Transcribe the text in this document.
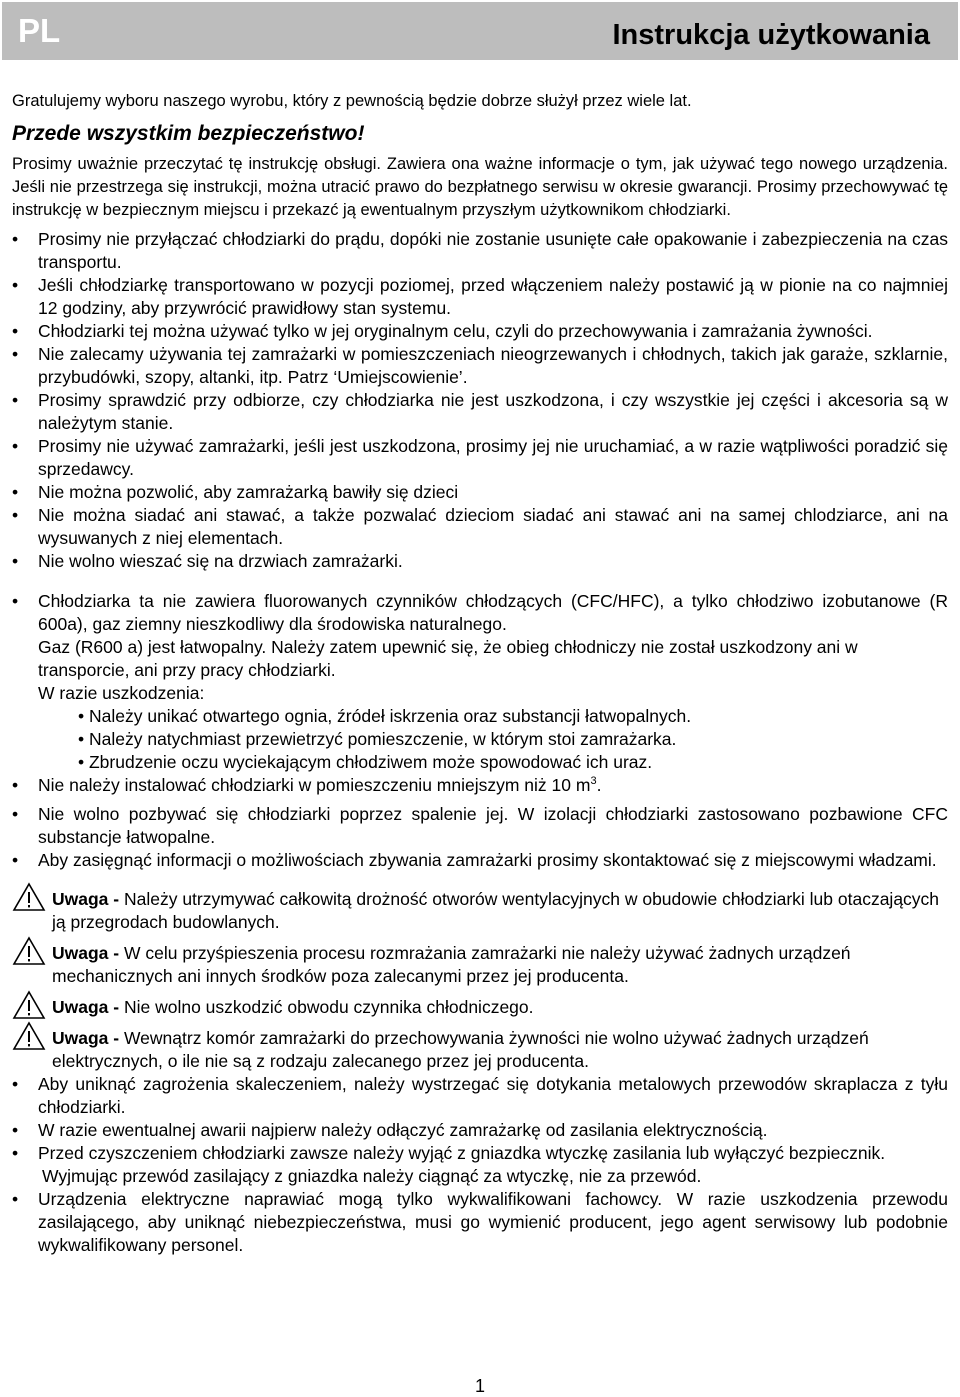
PL	Instrukcja użytkowania

Gratulujemy wyboru naszego wyrobu, który z pewnością będzie dobrze służył przez wiele lat.

Przede wszystkim bezpieczeństwo!

Prosimy uważnie przeczytać tę instrukcję obsługi. Zawiera ona ważne informacje o tym, jak używać tego nowego urządzenia. Jeśli nie przestrzega się instrukcji, można utracić prawo do bezpłatnego serwisu w okresie gwarancji. Prosimy przechowywać tę instrukcję w bezpiecznym miejscu i przekazć ją ewentualnym przyszłym użytkownikom chłodziarki.

• Prosimy nie przyłączać chłodziarki do prądu, dopóki nie zostanie usunięte całe opakowanie i zabezpieczenia na czas transportu.
• Jeśli chłodziarkę transportowano w pozycji poziomej, przed włączeniem należy postawić ją w pionie na co najmniej 12 godziny, aby przywrócić prawidłowy stan systemu.
• Chłodziarki tej można używać tylko w jej oryginalnym celu, czyli do przechowywania i zamrażania żywności.
• Nie zalecamy używania tej zamrażarki w pomieszczeniach nieogrzewanych i chłodnych, takich jak garaże, szklarnie, przybudówki, szopy, altanki, itp. Patrz ‘Umiejscowienie’.
• Prosimy sprawdzić przy odbiorze, czy chłodziarka nie jest uszkodzona, i czy wszystkie jej części i akcesoria są w należytym stanie.
• Prosimy nie używać zamrażarki, jeśli jest uszkodzona, prosimy jej nie uruchamiać, a w razie wątpliwości poradzić się sprzedawcy.
• Nie można pozwolić, aby zamrażarką bawiły się dzieci
• Nie można siadać ani stawać, a także pozwalać dzieciom siadać ani stawać ani na samej chlodziarce, ani na wysuwanych z niej elementach.
• Nie wolno wieszać się na drzwiach zamrażarki.
• Chłodziarka ta nie zawiera fluorowanych czynników chłodzących (CFC/HFC), a tylko chłodziwo izobutanowe (R 600a), gaz ziemny nieszkodliwy dla środowiska naturalnego.
Gaz (R600 a) jest łatwopalny. Należy zatem upewnić się, że obieg chłodniczy nie został uszkodzony ani w transporcie, ani przy pracy chłodziarki.
W razie uszkodzenia:
• Należy unikać otwartego ognia, źródeł iskrzenia oraz substancji łatwopalnych.
• Należy natychmiast przewietrzyć pomieszczenie, w którym stoi zamrażarka.
• Zbrudzenie oczu wyciekającym chłodziwem może spowodować ich uraz.
• Nie należy instalować chłodziarki w pomieszczeniu mniejszym niż 10 $m^3$.
• Nie wolno pozbywać się chłodziarki poprzez spalenie jej. W izolacji chłodziarki zastosowano pozbawione CFC substancje łatwopalne.
• Aby zasięgnąć informacji o możliwościach zbywania zamrażarki prosimy skontaktować się z miejscowymi władzami.
Uwaga - Należy utrzymywać całkowitą drożność otworów wentylacyjnych w obudowie chłodziarki lub otaczających ją przegrodach budowlanych.
Uwaga - W celu przyśpieszenia procesu rozmrażania zamrażarki nie należy używać żadnych urządzeń mechanicznych ani innych środków poza zalecanymi przez jej producenta.
Uwaga - Nie wolno uszkodzić obwodu czynnika chłodniczego.
Uwaga - Wewnątrz komór zamrażarki do przechowywania żywności nie wolno używać żadnych urządzeń elektrycznych, o ile nie są z rodzaju zalecanego przez jej producenta.
• Aby uniknąć zagrożenia skaleczeniem, należy wystrzegać się dotykania metalowych przewodów skraplacza z tyłu chłodziarki.
• W razie ewentualnej awarii najpierw należy odłączyć zamrażarkę od zasilania elektrycznością.
• Przed czyszczeniem chłodziarki zawsze należy wyjąć z gniazdka wtyczkę zasilania lub wyłączyć bezpiecznik.
Wyjmując przewód zasilający z gniazdka należy ciągnąć za wtyczkę, nie za przewód.
• Urządzenia elektryczne naprawiać mogą tylko wykwalifikowani fachowcy. W razie uszkodzenia przewodu zasilającego, aby uniknąć niebezpieczeństwa, musi go wymienić producent, jego agent serwisowy lub podobnie wykwalifikowany personel.
1
